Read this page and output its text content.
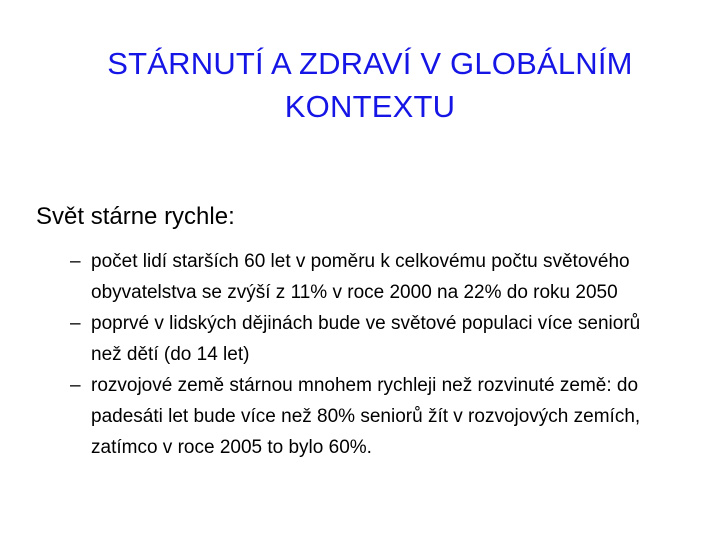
STÁRNUTÍ A ZDRAVÍ V GLOBÁLNÍM
KONTEXTU
Svět stárne rychle:
– počet lidí starších 60 let v poměru k celkovému počtu světového obyvatelstva se zvýší z 11% v roce 2000 na 22% do roku 2050
– poprvé v lidských dějinách bude ve světové populaci více seniorů než dětí (do 14 let)
– rozvojové země stárnou mnohem rychleji než rozvinuté země: do padesáti let bude více než 80% seniorů žít v rozvojových zemích, zatímco v roce 2005 to bylo 60%.
